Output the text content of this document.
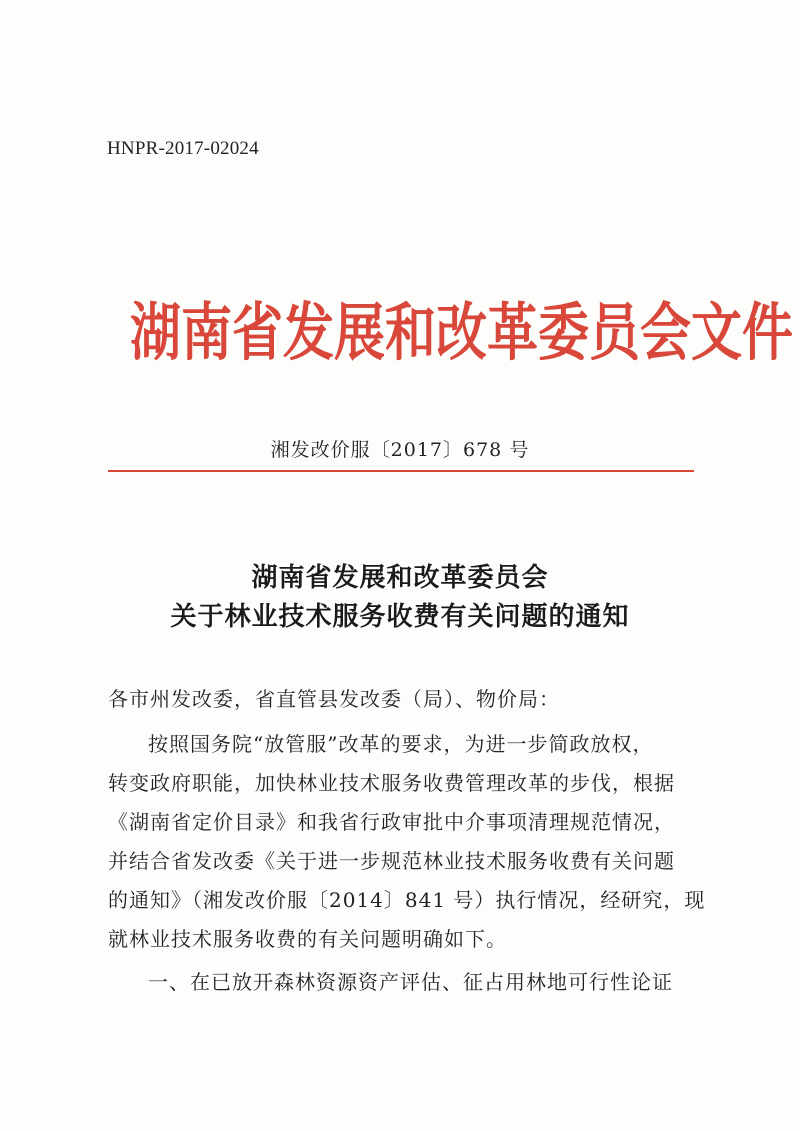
HNPR-2017-02024
湖南省发展和改革委员会文件
湘发改价服〔2017〕678 号
湖南省发展和改革委员会
关于林业技术服务收费有关问题的通知
各市州发改委，省直管县发改委（局）、物价局：
按照国务院“放管服”改革的要求，为进一步简政放权，
转变政府职能，加快林业技术服务收费管理改革的步伐，根据
《湖南省定价目录》和我省行政审批中介事项清理规范情况，
并结合省发改委《关于进一步规范林业技术服务收费有关问题
的通知》（湘发改价服〔2014〕841 号）执行情况，经研究，现
就林业技术服务收费的有关问题明确如下。
一、在已放开森林资源资产评估、征占用林地可行性论证
